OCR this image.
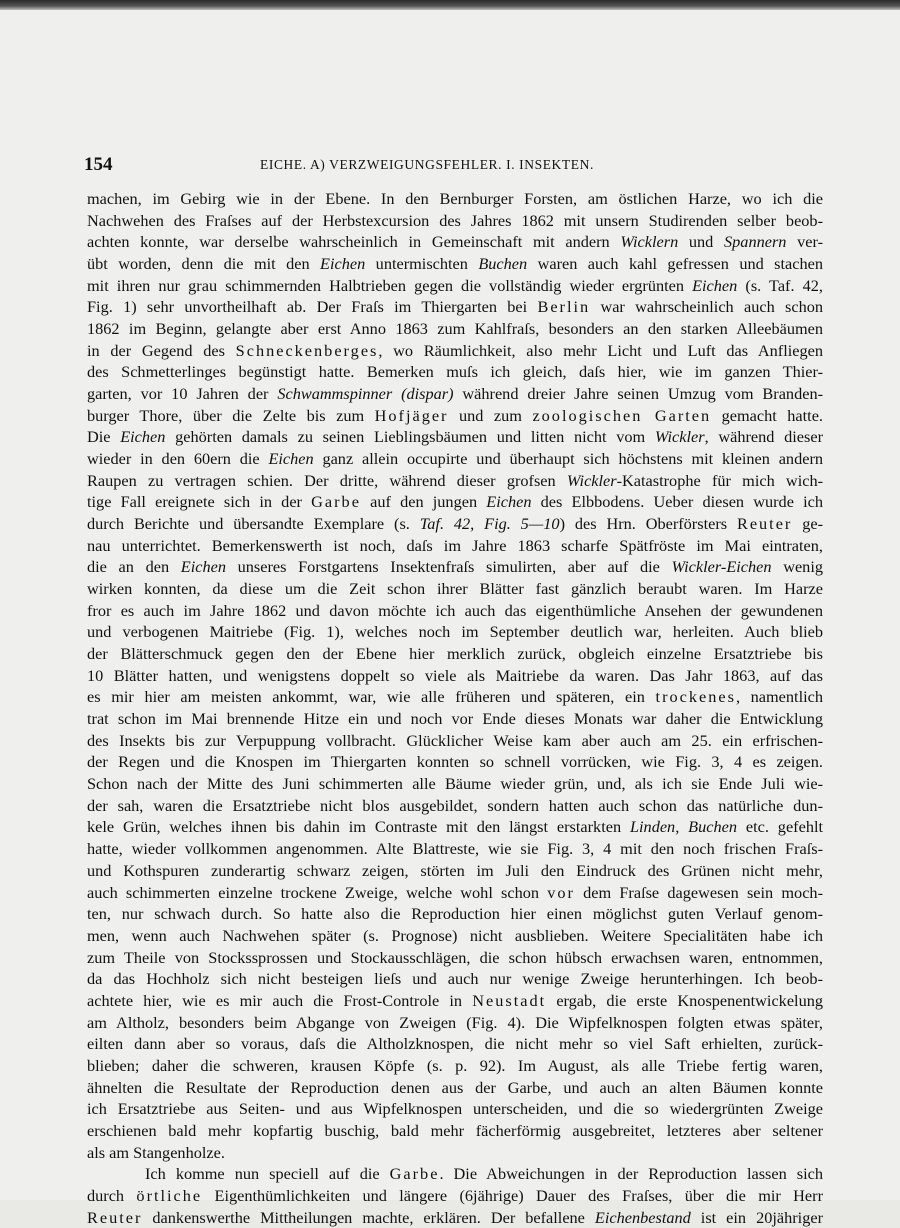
154	EICHE. A) VERZWEIGUNGSFEHLER. I. INSEKTEN.
machen, im Gebirg wie in der Ebene. In den Bernburger Forsten, am östlichen Harze, wo ich die
Nachwehen des Fraſses auf der Herbstexcursion des Jahres 1862 mit unsern Studirenden selber beob-
achten konnte, war derselbe wahrscheinlich in Gemeinschaft mit andern Wicklern und Spannern ver-
übt worden, denn die mit den Eichen untermischten Buchen waren auch kahl gefressen und stachen
mit ihren nur grau schimmernden Halbtrieben gegen die vollständig wieder ergrünten Eichen (s. Taf. 42,
Fig. 1) sehr unvortheilhaft ab. Der Fraſs im Thiergarten bei Berlin war wahrscheinlich auch schon
1862 im Beginn, gelangte aber erst Anno 1863 zum Kahlfraſs, besonders an den starken Alleebäumen
in der Gegend des Schneckenberges, wo Räumlichkeit, also mehr Licht und Luft das Anfliegen
des Schmetterlinges begünstigt hatte. Bemerken muſs ich gleich, daſs hier, wie im ganzen Thier-
garten, vor 10 Jahren der Schwammspinner (dispar) während dreier Jahre seinen Umzug vom Branden-
burger Thore, über die Zelte bis zum Hofjäger und zum zoologischen Garten gemacht hatte.
Die Eichen gehörten damals zu seinen Lieblingsbäumen und litten nicht vom Wickler, während dieser
wieder in den 60ern die Eichen ganz allein occupirte und überhaupt sich höchstens mit kleinen andern
Raupen zu vertragen schien. Der dritte, während dieser grofsen Wickler-Katastrophe für mich wich-
tige Fall ereignete sich in der Garbe auf den jungen Eichen des Elbbodens. Ueber diesen wurde ich
durch Berichte und übersandte Exemplare (s. Taf. 42, Fig. 5—10) des Hrn. Oberförsters Reuter ge-
nau unterrichtet. Bemerkenswerth ist noch, daſs im Jahre 1863 scharfe Spätfröste im Mai eintraten,
die an den Eichen unseres Forstgartens Insektenfraſs simulirten, aber auf die Wickler-Eichen wenig
wirken konnten, da diese um die Zeit schon ihrer Blätter fast gänzlich beraubt waren. Im Harze
fror es auch im Jahre 1862 und davon möchte ich auch das eigenthümliche Ansehen der gewundenen
und verbogenen Maitriebe (Fig. 1), welches noch im September deutlich war, herleiten. Auch blieb
der Blätterschmuck gegen den der Ebene hier merklich zurück, obgleich einzelne Ersatztriebe bis
10 Blätter hatten, und wenigstens doppelt so viele als Maitriebe da waren. Das Jahr 1863, auf das
es mir hier am meisten ankommt, war, wie alle früheren und späteren, ein trockenes, namentlich
trat schon im Mai brennende Hitze ein und noch vor Ende dieses Monats war daher die Entwicklung
des Insekts bis zur Verpuppung vollbracht. Glücklicher Weise kam aber auch am 25. ein erfrischen-
der Regen und die Knospen im Thiergarten konnten so schnell vorrücken, wie Fig. 3, 4 es zeigen.
Schon nach der Mitte des Juni schimmerten alle Bäume wieder grün, und, als ich sie Ende Juli wie-
der sah, waren die Ersatztriebe nicht blos ausgebildet, sondern hatten auch schon das natürliche dun-
kele Grün, welches ihnen bis dahin im Contraste mit den längst erstarkten Linden, Buchen etc. gefehlt
hatte, wieder vollkommen angenommen. Alte Blattreste, wie sie Fig. 3, 4 mit den noch frischen Fraſs-
und Kothspuren zunderartig schwarz zeigen, störten im Juli den Eindruck des Grünen nicht mehr,
auch schimmerten einzelne trockene Zweige, welche wohl schon vor dem Fraſse dagewesen sein moch-
ten, nur schwach durch. So hatte also die Reproduction hier einen möglichst guten Verlauf genom-
men, wenn auch Nachwehen später (s. Prognose) nicht ausblieben. Weitere Specialitäten habe ich
zum Theile von Stockssprossen und Stockausschlägen, die schon hübsch erwachsen waren, entnommen,
da das Hochholz sich nicht besteigen lieſs und auch nur wenige Zweige herunterhingen. Ich beob-
achtete hier, wie es mir auch die Frost-Controle in Neustadt ergab, die erste Knospenentwickelung
am Altholz, besonders beim Abgange von Zweigen (Fig. 4). Die Wipfelknospen folgten etwas später,
eilten dann aber so voraus, daſs die Altholzknospen, die nicht mehr so viel Saft erhielten, zurück-
blieben; daher die schweren, krausen Köpfe (s. p. 92). Im August, als alle Triebe fertig waren,
ähnelten die Resultate der Reproduction denen aus der Garbe, und auch an alten Bäumen konnte
ich Ersatztriebe aus Seiten- und aus Wipfelknospen unterscheiden, und die so wiedergrünten Zweige
erschienen bald mehr kopfartig buschig, bald mehr fächerförmig ausgebreitet, letzteres aber seltener
als am Stangenholze.
Ich komme nun speciell auf die Garbe. Die Abweichungen in der Reproduction lassen sich
durch örtliche Eigenthümlichkeiten und längere (6jährige) Dauer des Fraſses, über die mir Herr
Reuter dankenswerthe Mittheilungen machte, erklären. Der befallene Eichenbestand ist ein 20jähriger
